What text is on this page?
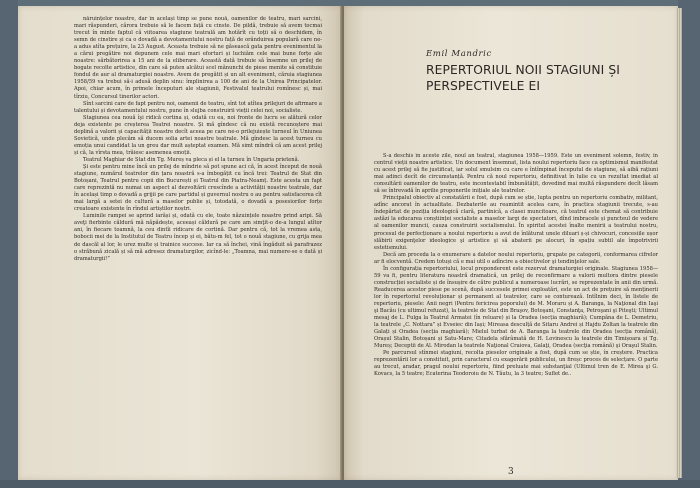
năruințelor noastre, dar în același timp se pune nouă, oamenilor de teatru, mari sarcini, mari răspunderi, cărora trebuie să le facem față cu cinste. De pildă, trebuie să avem tocmai trecut în minte faptul că viitoarea stagiune teatrală am hotărît cu toții să o deschidem, în semn de cinstire și ca o dovadă a devotamentului nostru față de orânduirea populară care ne-a adus atîta prețuire, la 23 August. Aceasta trebuie să ne găsească gata pentru evenimentul la a cărui pregătire noi depunem cele mai mari eforturi și luchiăm cele mai bune forțe ale noastre: sărbătorirea a 15 ani de la eliberare. Această dată trebuie să însemne un prilej de bogate recolte artistice, din care să puten alcătui scel mănunchi de piese menite să constituie fondul de aur al dramaturgiei noastre. Avem de pregătit și un alt eveniment, căruia stagiunea 1958/59 va trebui să-i adusă deplin sinu: împlinirea a 100 de ani de la Unirea Principatelor. Apoi, chiar acum, în primele începuturi ale stagiunii, Festivalul teatrului romînesc și, mai tîrziu, Concursul tinerilor actori.

Sînt sarcini care de fapt pentru noi, oamenii de teatru, sînt tot atîtea prilejuri de afirmare a talentului și devotamentului nostru, pune în slujba construirii vieții celei noi, socialiste.

Stagiunea cea nouă îşi ridică cortina și, odată cu ea, noi fronte de lucru se alătură celor deja existente pe creșterea Teatrei noastre. Și mă gîndesc că nu există recunoștere mai deplină a valorii și capacității noastre decît aceea pe care ne-o prilejuiește turneul în Uniunea Sovietică, unde plecăm să ducem solia artei noastre teatrale. Mă gîndesc la acest turneu cu emoția unui candidat la un greu dar mult așteptat examen. Mă simt mîndră că am acest prilej și că, la vîrsta mea, trăiesc asemenea emoții.

Teatrul Maghiar de Stat din Tg. Mureș va pleca și el la turneu în Ungaria prietenă.

Și este pentru mine încă un prilej de mîndrie să pot spune aci că, în acest început de nouă stagiune, numărul teatrelor din țara noastră s-a îmbogățit cu încă trei: Teatrul de Stat din Botoșani, Teatrul pentru copii din București și Teatrul din Piatra-Neamț. Este acesta un fapt care reprezintă nu numai un aspect al dezvoltării crescînde a activității noastre teatrale, dar în același timp o dovadă a grijii pe care partidul și guvernul nostru o au pentru satisfacerea cît mai largă a setei de cultură a maselor publie și, totodată, o dovadă a posesiorilor forțe creatoare existente în rîndul artiștilor noștri.

Luminile rampei se aprind iarăși și, odată cu ele, toate năzuințele noastre prind aripi. Să aveţi fierbinte căldură mă năpădește, aceeași căldură pe care am simţit-o de-a lungul atîtor ani, în fiecare toamnă, la ceu dintîi ridicare de cortină. Dar pentru că, tot la vremea asta, bobocii mei de la Institutul de Teatru încep și ei, bătu-m fel, tot o nouă stagiune, cu grija mea de dascăl al lor, le urez multe și trainice succese. Iar ca să închei, vină îngăduit să parafrazez o străbună zicală și să mă adresez dramaturgilor, zicînd-le: „Toamna, mai numere-se o dată și dramaturgii!”

Emil Mandric
REPERTORIUL NOII STAGIUNI ȘI PERSPECTIVELE EI

S-a deschis în aceste zile, noul an teatral, stagiunea 1958—1959. Este un eveniment solemn, festiv, în centrul vieții noastre artistice. Un document însemnat, lista noului repertoriu face ca optimismul manifestat cu acest prilej să fie justificat, iar solul smulsim cu care e întîmpinat începutul de stagiune, să aibă rațiuni mai adinci decît de circumstanță. Pentru că noul repertoriu, definitivat în lulie cu un rezultat imediat al consultării oamenilor de teatru, este incontestabil îmbunătățit, dovedind mai multă răspundere decît lăsam să se întrevadă în aprilie proponerile inițiale ale teatrelor.

Principalul obiectiv al constatării e fost, după cum se știe, lupta pentru un repertoriu combativ, militant, adînc ancorat în actualitate. Dezbaterile au reamintit acelea care, în practica stagiunii trecute, s-au îndepărtat de poziția ideologică clară, partinică, a clasei muncitoare, că teatrul este chemat să contribuie astăzi la educarea conștiinței socialiste a maselor largi de spectatori, dînd imbracele și puncteul de vedere al oamenilor muncii, cauza construirii socialismului. În spiritul acestei înalte menirii a teatrului nostru, procesul de perfecționare a noului repertoriu a avut de înlăturat unele diluari ș-și chivocuri, concesiile ușor slăbirii exigenţelor ideologice şi artistice şi să abaterii pe alocuri, în spațiu subtil ale împotrivirii estetismului.

Decă am proceda la o enumerare a datelor noului repertoriu, grupate pe categorii, conformarea cifrelor ar fi elocventă. Credem totuși că e mai util o adîncire a obiectivelor şi tendinţelor sale.

În configurația repertoriului, locul preponderent este rezervat dramaturgiei originale. Stagiunea 1958—59 va fi, pentru literatura noastră dramatică, un prilej de reconfirmare a valorii multora dintre piesele construcției socialiste și de însușire de către publicul a numeroase lucrări, se reprezentate în anii din urmă. Readucerea acestor piese pe scenă, după succesele primei exploatări, este un act de prețuire să menținerii lor în repertoriul revoluționar și permanent al teatrelor, care se conturează. Intîlnim deci, în listele de repertoriu, piesele: Anii negri (Pentru fericirea poporului) de M. Moraru și A. Baranga, la Naţional din Iaşi şi Bacău (cu ultimul refuzat), la teatrele de Stat din Braşov, Botoşani, Constanţa, Petroşani şi Piteşti; Ultimul mesaj de L. Fulga la Teatrul Armatei (în reluare) și la Oradea (secția maghiară); Cumpăna de L. Demetriu, la teatrele „C. Nottara” și Evseiec din Iași; Mireasa desculță de Sitaru Andrei și Hajdu Zoltan la teatrele din Galați și Oradea (secția maghiară); Mielul turbat de A. Baranga la teatrele din Oradea (secția română), Orașul Stalin, Botoșani și Satu-Mare; Citadela sfărâmată de H. Lovinescu la teatrele din Timișoara și Tg. Mureș; Deceptii de Al. Mirodan la teatrele Naţional Craiova, Galaţi, Oradea (secţia română) şi Oraşul Stalin.

Pe parcursul stînmei stagiuni, recolta pieselor originale a fost, după cum se știe, în creștere. Practica reprezentării lor a constituit, prin caracterul cu exagerării publicului, un fireșc proces de selecțare. O parte au trecut, aradar, pragul noului repertoriu, fiind preluate mai substanţial (Ultimul tren de E. Mirea şi G. Kovacs, la 5 teatre; Ecaterina Teodoroiu de N. Tăutu, la 3 teatre; Suflet de..

3
